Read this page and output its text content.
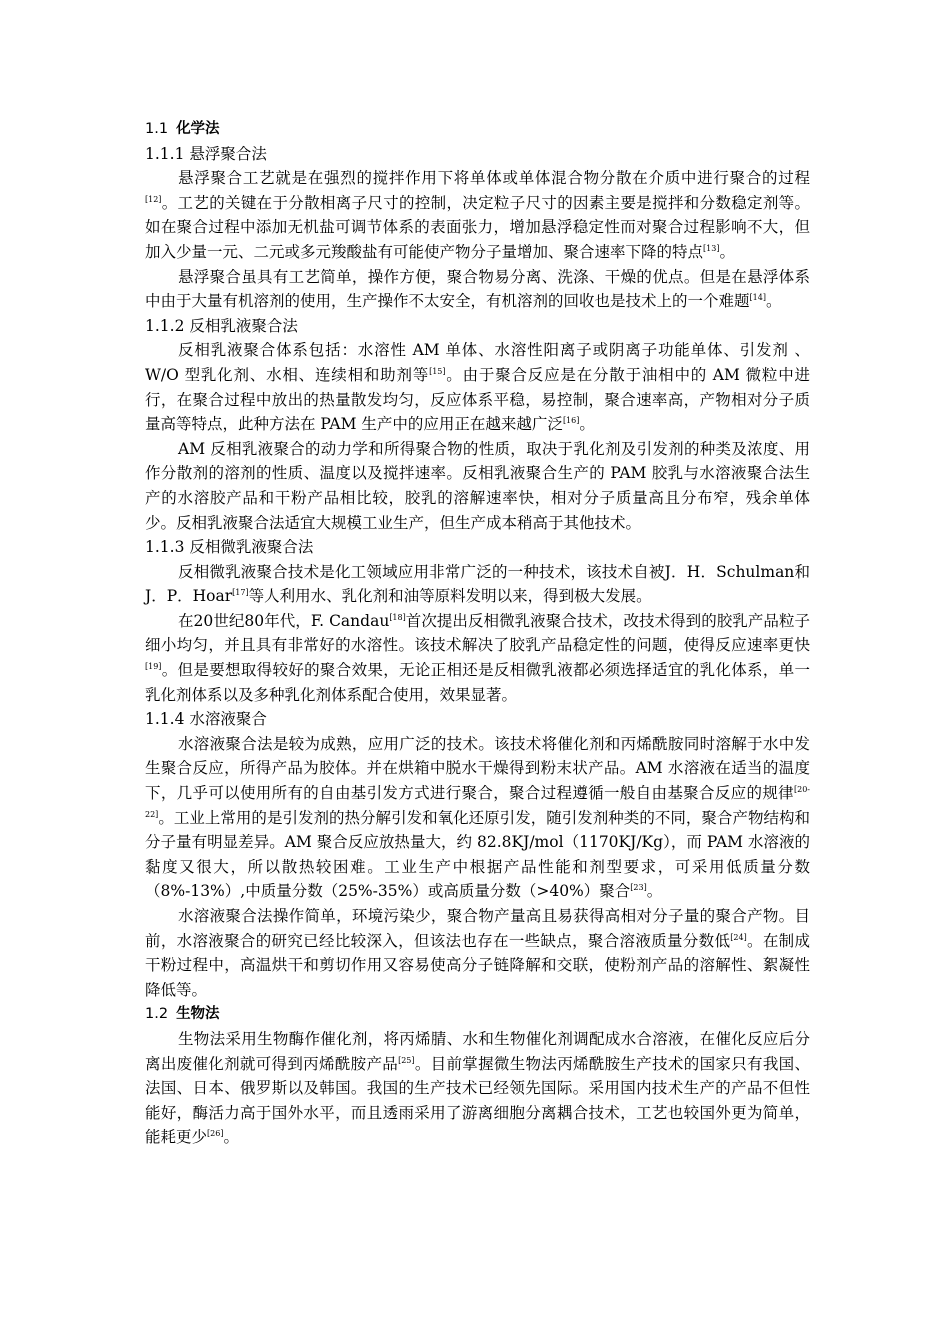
1.1 化学法
1.1.1 悬浮聚合法

悬浮聚合工艺就是在强烈的搅拌作用下将单体或单体混合物分散在介质中进行聚合的过程[12]。工艺的关键在于分散相离子尺寸的控制，决定粒子尺寸的因素主要是搅拌和分数稳定剂等。如在聚合过程中添加无机盐可调节体系的表面张力，增加悬浮稳定性而对聚合过程影响不大，但加入少量一元、二元或多元羧酸盐有可能使产物分子量增加、聚合速率下降的特点[13]。

悬浮聚合虽具有工艺简单，操作方便，聚合物易分离、洗涤、干燥的优点。但是在悬浮体系中由于大量有机溶剂的使用，生产操作不太安全，有机溶剂的回收也是技术上的一个难题[14]。

1.1.2 反相乳液聚合法

反相乳液聚合体系包括：水溶性 AM 单体、水溶性阳离子或阴离子功能单体、引发剂 、W/O 型乳化剂、水相、连续相和助剂等[15]。由于聚合反应是在分散于油相中的 AM 微粒中进行，在聚合过程中放出的热量散发均匀，反应体系平稳，易控制，聚合速率高，产物相对分子质量高等特点，此种方法在 PAM 生产中的应用正在越来越广泛[16]。

AM 反相乳液聚合的动力学和所得聚合物的性质，取决于乳化剂及引发剂的种类及浓度、用作分散剂的溶剂的性质、温度以及搅拌速率。反相乳液聚合生产的 PAM 胶乳与水溶液聚合法生产的水溶胶产品和干粉产品相比较，胶乳的溶解速率快，相对分子质量高且分布窄，残余单体少。反相乳液聚合法适宜大规模工业生产，但生产成本稍高于其他技术。

1.1.3 反相微乳液聚合法

反相微乳液聚合技术是化工领域应用非常广泛的一种技术，该技术自被J．H．Schulman和J．P．Hoar[17]等人利用水、乳化剂和油等原料发明以来，得到极大发展。

在20世纪80年代，F. Candau[18]首次提出反相微乳液聚合技术，改技术得到的胶乳产品粒子细小均匀，并且具有非常好的水溶性。该技术解决了胶乳产品稳定性的问题，使得反应速率更快[19]。但是要想取得较好的聚合效果，无论正相还是反相微乳液都必须选择适宜的乳化体系，单一乳化剂体系以及多种乳化剂体系配合使用，效果显著。

1.1.4 水溶液聚合

水溶液聚合法是较为成熟，应用广泛的技术。该技术将催化剂和丙烯酰胺同时溶解于水中发生聚合反应，所得产品为胶体。并在烘箱中脱水干燥得到粉末状产品。AM 水溶液在适当的温度下，几乎可以使用所有的自由基引发方式进行聚合，聚合过程遵循一般自由基聚合反应的规律[20-22]。工业上常用的是引发剂的热分解引发和氧化还原引发，随引发剂种类的不同，聚合产物结构和分子量有明显差异。AM 聚合反应放热量大，约 82.8KJ/mol（1170KJ/Kg），而 PAM 水溶液的黏度又很大，所以散热较困难。工业生产中根据产品性能和剂型要求，可采用低质量分数（8%-13%）,中质量分数（25%-35%）或高质量分数（>40%）聚合[23]。

水溶液聚合法操作简单，环境污染少，聚合物产量高且易获得高相对分子量的聚合产物。目前，水溶液聚合的研究已经比较深入，但该法也存在一些缺点，聚合溶液质量分数低[24]。在制成干粉过程中，高温烘干和剪切作用又容易使高分子链降解和交联，使粉剂产品的溶解性、絮凝性降低等。

1.2 生物法

生物法采用生物酶作催化剂，将丙烯腈、水和生物催化剂调配成水合溶液，在催化反应后分离出废催化剂就可得到丙烯酰胺产品[25]。目前掌握微生物法丙烯酰胺生产技术的国家只有我国、法国、日本、俄罗斯以及韩国。我国的生产技术已经领先国际。采用国内技术生产的产品不但性能好，酶活力高于国外水平，而且透雨采用了游离细胞分离耦合技术，工艺也较国外更为简单，能耗更少[26]。
